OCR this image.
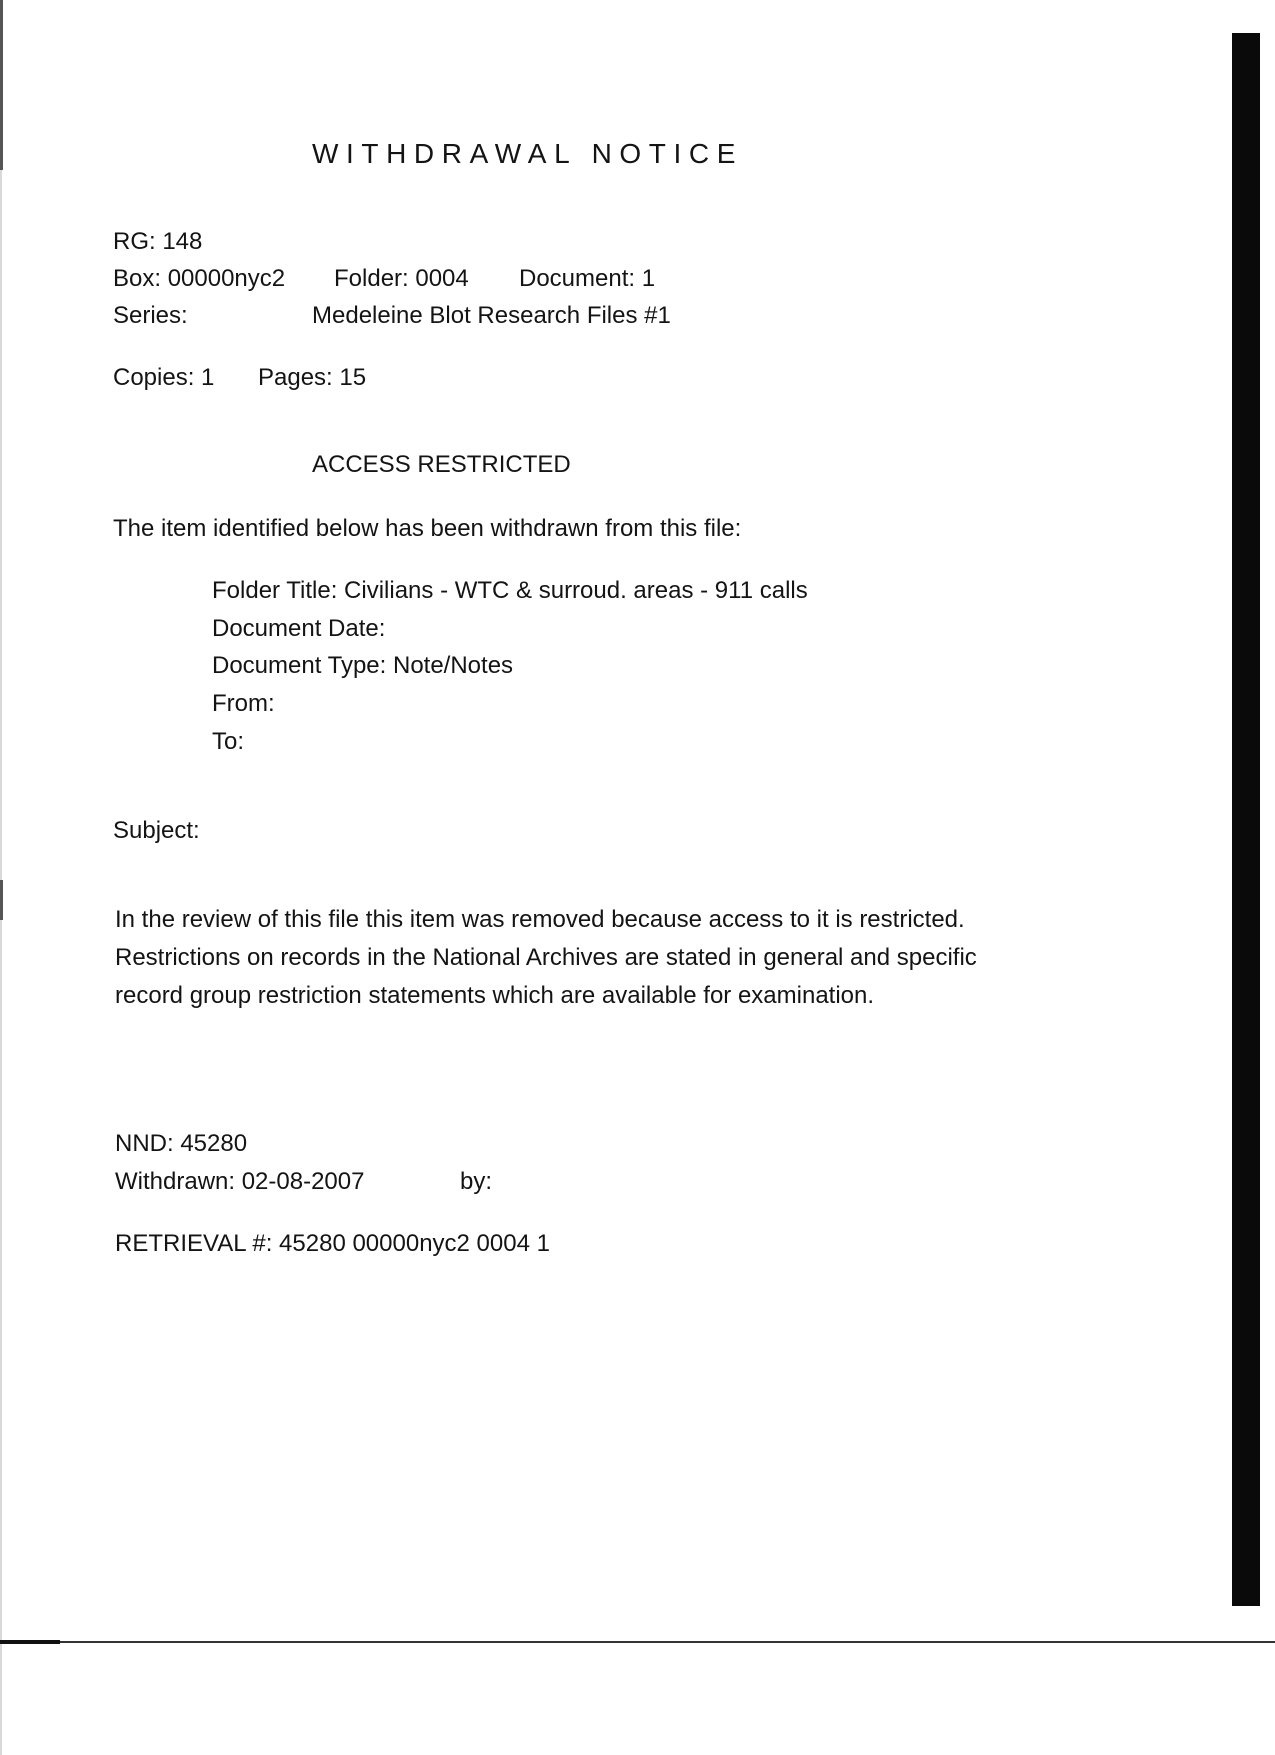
WITHDRAWAL NOTICE
RG: 148
Box: 00000nyc2 Folder: 0004 Document: 1
Series:	Medeleine Blot Research Files #1
Copies: 1 Pages: 15
ACCESS RESTRICTED
The item identified below has been withdrawn from this file:
Folder Title: Civilians - WTC & surroud. areas - 911 calls
Document Date:
Document Type: Note/Notes
From:
To:
Subject:
In the review of this file this item was removed because access to it is restricted. Restrictions on records in the National Archives are stated in general and specific record group restriction statements which are available for examination.
NND: 45280
Withdrawn: 02-08-2007	by:
RETRIEVAL #: 45280 00000nyc2 0004 1
